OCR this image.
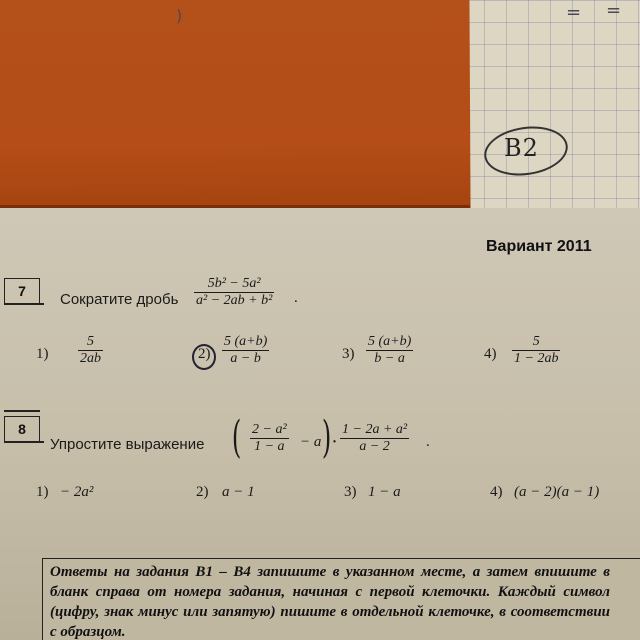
)	= =
B2
Вариант 2011
7	Сократите дробь $\frac{\text{5b² − 5a²}}{\text{a² − 2ab + b²}}$ .
$1) \frac{5}{2ab}$	$2) \frac{5 (a+b)}{a - b}$	$3) \frac{5 (a+b)}{b - a}$	$4) \frac{5}{1 - 2ab}$
8
Упростите выражение ( $\frac{\text{2 − a²}}{1 - a} - a$ ) · $\frac{\text{1 − 2a + a²}}{a - 2}$ .
1) − 2a²	2) a − 1	3) 1 − a	4) (a − 2)(a − 1)
Ответы на задания B1 – B4 запишите в указанном месте, а затем впишите в бланк справа от номера задания, начиная с первой клеточки. Каждый символ (цифру, знак минус или запятую) пишите в отдельной клеточке, в соответствии с образцом.
